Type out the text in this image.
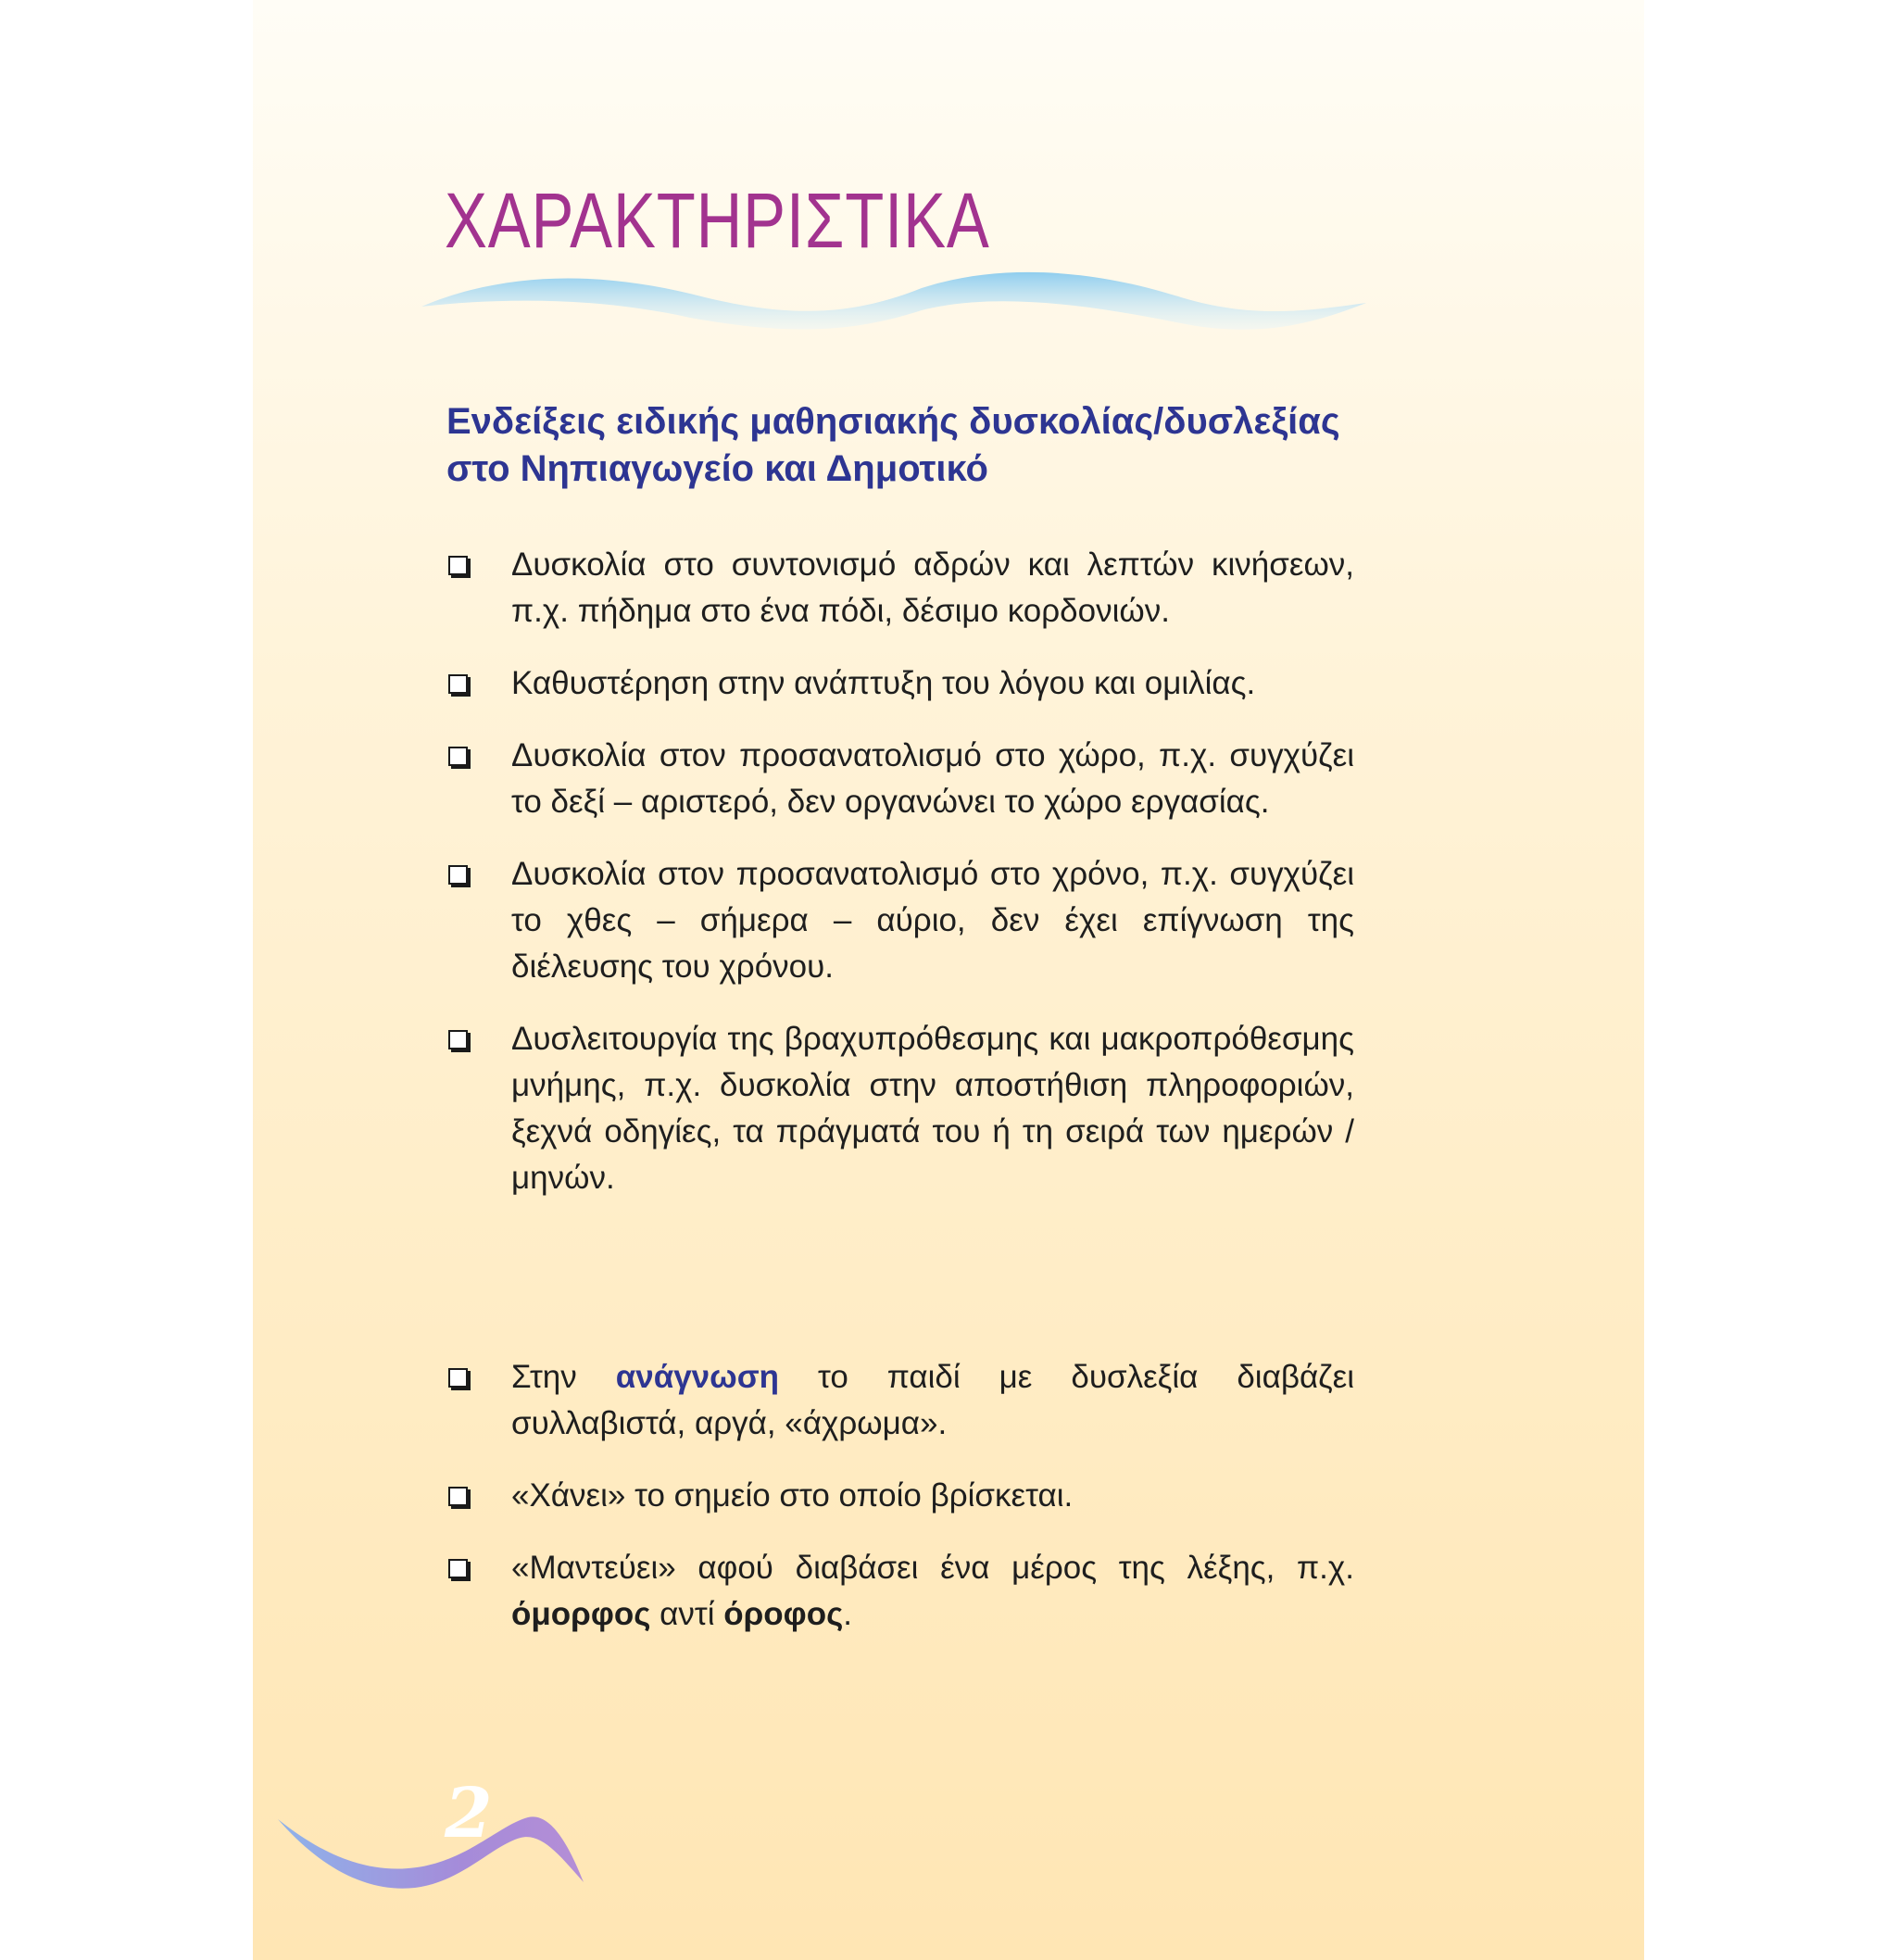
ΧΑΡΑΚΤΗΡΙΣΤΙΚΑ
Ενδείξεις ειδικής μαθησιακής δυσκολίας/δυσλεξίας στο Νηπιαγωγείο και Δημοτικό
Δυσκολία στο συντονισμό αδρών και λεπτών κινήσεων, π.χ. πήδημα στο ένα πόδι, δέσιμο κορδονιών.
Καθυστέρηση στην ανάπτυξη του λόγου και ομιλίας.
Δυσκολία στον προσανατολισμό στο χώρο, π.χ. συγχύζει το δεξί – αριστερό, δεν οργανώνει το χώρο εργασίας.
Δυσκολία στον προσανατολισμό στο χρόνο, π.χ. συγχύζει το χθες – σήμερα – αύριο, δεν έχει επίγνωση της διέλευσης του χρόνου.
Δυσλειτουργία της βραχυπρόθεσμης και μακροπρόθεσμης μνήμης, π.χ. δυσκολία στην αποστήθιση πληροφοριών, ξεχνά οδηγίες, τα πράγματά του ή τη σειρά των ημερών / μηνών.
Στην ανάγνωση το παιδί με δυσλεξία διαβάζει συλλαβιστά, αργά, «άχρωμα».
«Χάνει» το σημείο στο οποίο βρίσκεται.
«Μαντεύει» αφού διαβάσει ένα μέρος της λέξης, π.χ. όμορφος αντί όροφος.
2
